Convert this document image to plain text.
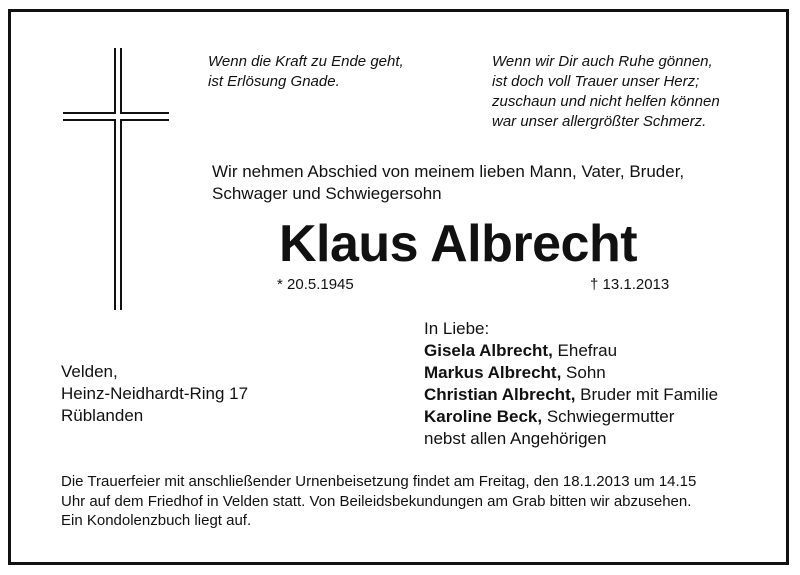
Wenn die Kraft zu Ende geht,
ist Erlösung Gnade.
Wenn wir Dir auch Ruhe gönnen,
ist doch voll Trauer unser Herz;
zuschaun und nicht helfen können
war unser allergrößter Schmerz.
Wir nehmen Abschied von meinem lieben Mann, Vater, Bruder,
Schwager und Schwiegersohn
Klaus Albrecht
* 20.5.1945	† 13.1.2013
Velden,
Heinz-Neidhardt-Ring 17
Rüblanden
In Liebe:
Gisela Albrecht, Ehefrau
Markus Albrecht, Sohn
Christian Albrecht, Bruder mit Familie
Karoline Beck, Schwiegermutter
nebst allen Angehörigen
Die Trauerfeier mit anschließender Urnenbeisetzung findet am Freitag, den 18.1.2013 um 14.15
Uhr auf dem Friedhof in Velden statt. Von Beileidsbekundungen am Grab bitten wir abzusehen.
Ein Kondolenzbuch liegt auf.
